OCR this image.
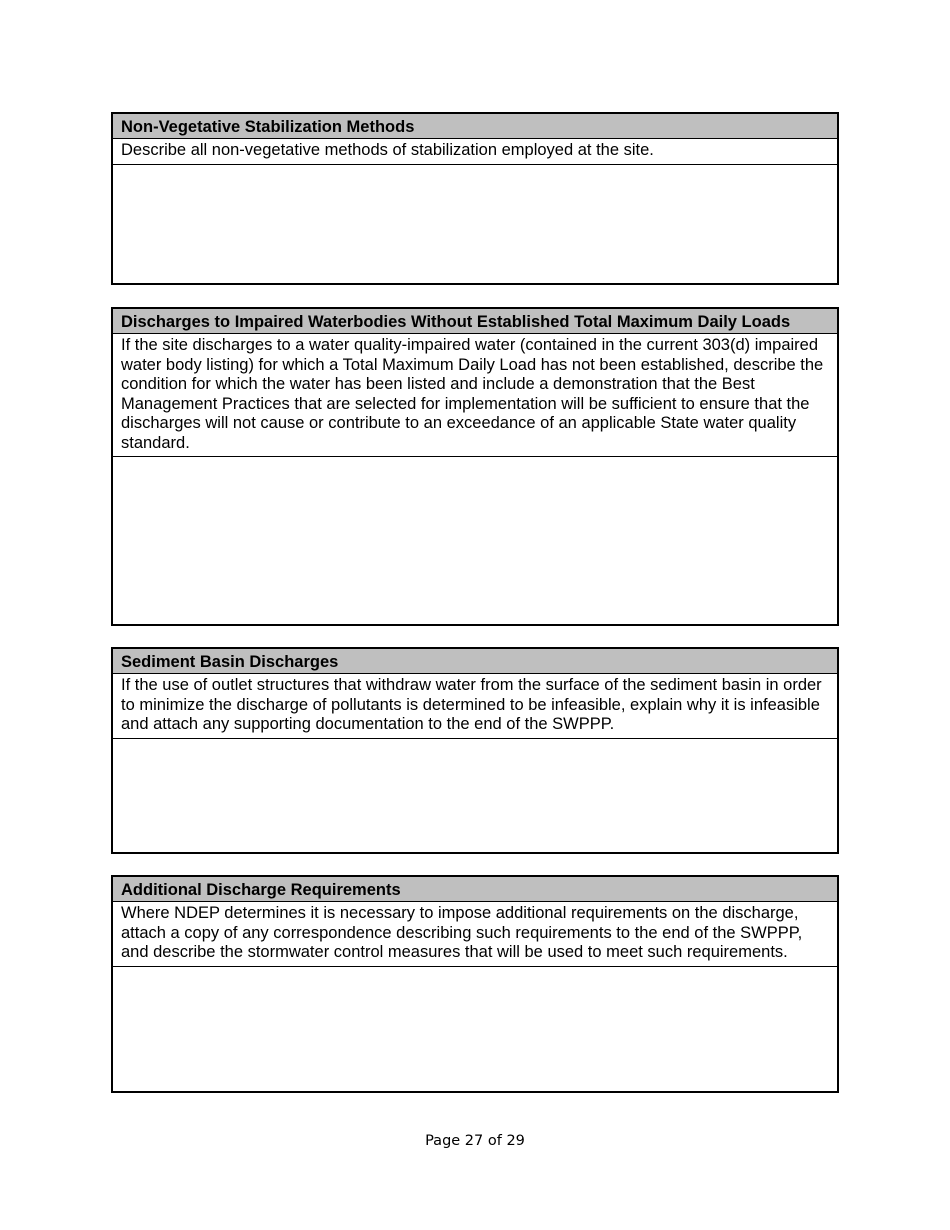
Non-Vegetative Stabilization Methods
Describe all non-vegetative methods of stabilization employed at the site.
Discharges to Impaired Waterbodies Without Established Total Maximum Daily Loads
If the site discharges to a water quality-impaired water (contained in the current 303(d) impaired water body listing) for which a Total Maximum Daily Load has not been established, describe the condition for which the water has been listed and include a demonstration that the Best Management Practices that are selected for implementation will be sufficient to ensure that the discharges will not cause or contribute to an exceedance of an applicable State water quality standard.
Sediment Basin Discharges
If the use of outlet structures that withdraw water from the surface of the sediment basin in order to minimize the discharge of pollutants is determined to be infeasible, explain why it is infeasible and attach any supporting documentation to the end of the SWPPP.
Additional Discharge Requirements
Where NDEP determines it is necessary to impose additional requirements on the discharge, attach a copy of any correspondence describing such requirements to the end of the SWPPP, and describe the stormwater control measures that will be used to meet such requirements.
Page 27 of 29
